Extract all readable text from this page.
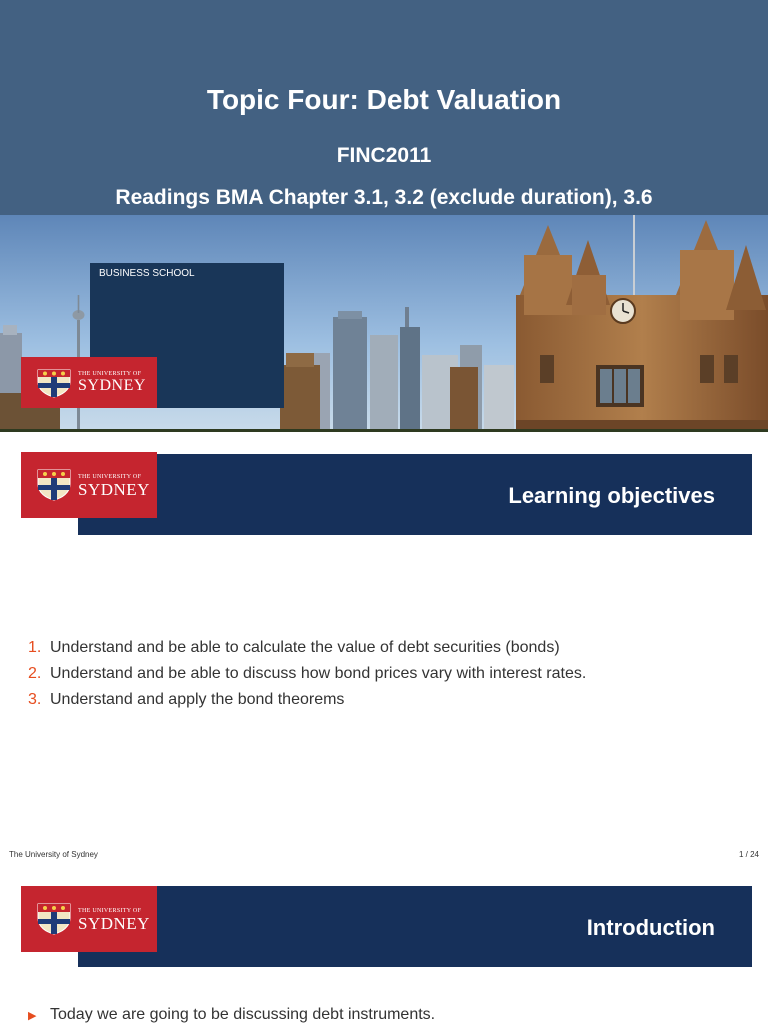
Topic Four: Debt Valuation
FINC2011
Readings BMA Chapter 3.1, 3.2 (exclude duration), 3.6
BUSINESS SCHOOL
THE UNIVERSITY OF
SYDNEY
Learning objectives
THE UNIVERSITY OF
SYDNEY
1. Understand and be able to calculate the value of debt securities (bonds)
2. Understand and be able to discuss how bond prices vary with interest rates.
3. Understand and apply the bond theorems
The University of Sydney	1 / 24
Introduction
THE UNIVERSITY OF
SYDNEY
▶ Today we are going to be discussing debt instruments.
